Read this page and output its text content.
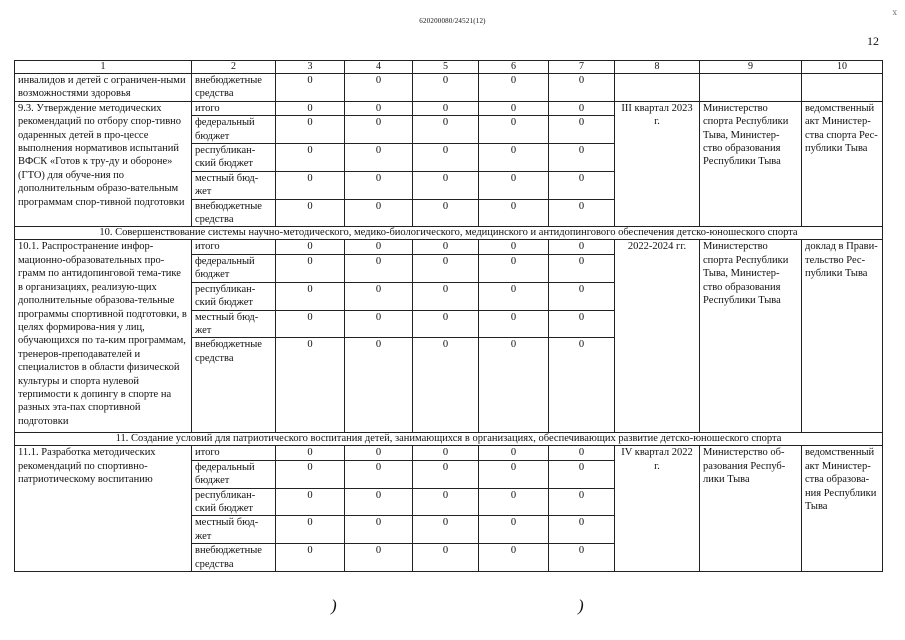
ⅹ
620200080/24521(12)
12
1	2	3	4	5	6	7	8	9	10
инвалидов и детей с ограничен-ными возможностями здоровья	внебюджетные средства	0	0	0	0	0			
9.3. Утверждение методических рекомендаций по отбору спор-тивно одаренных детей в про-цессе выполнения нормативов испытаний ВФСК «Готов к тру-ду и обороне» (ГТО) для обуче-ния по дополнительным образо-вательным программам спор-тивной подготовки	итого	0	0	0	0	0	III квартал 2023 г.	Министерство спорта Республики Тыва, Министер-ство образования Республики Тыва	ведомственный акт Министер-ства спорта Рес-публики Тыва
	федеральный бюджет	0	0	0	0	0			
	республикан-ский бюджет	0	0	0	0	0			
	местный бюд-жет	0	0	0	0	0			
	внебюджетные средства	0	0	0	0	0			
10. Совершенствование системы научно-методического, медико-биологического, медицинского и антидопингового обеспечения детско-юношеского спорта									
10.1. Распространение инфор-мационно-образовательных про-грамм по антидопинговой тема-тике в организациях, реализую-щих дополнительные образова-тельные программы спортивной подготовки, в целях формирова-ния у лиц, обучающихся по та-ким программам, тренеров-преподавателей и специалистов в области физической культуры и спорта нулевой терпимости к допингу в спорте на разных эта-пах спортивной подготовки	итого	0	0	0	0	0	2022-2024 гг.	Министерство спорта Республики Тыва, Министер-ство образования Республики Тыва	доклад в Прави-тельство Рес-публики Тыва
	федеральный бюджет	0	0	0	0	0			
	республикан-ский бюджет	0	0	0	0	0			
	местный бюд-жет	0	0	0	0	0			
	внебюджетные средства	0	0	0	0	0			
11. Создание условий для патриотического воспитания детей, занимающихся в организациях, обеспечивающих развитие детско-юношеского спорта									
11.1. Разработка методических рекомендаций по спортивно-патриотическому воспитанию	итого	0	0	0	0	0	IV квартал 2022 г.	Министерство об-разования Респуб-лики Тыва	ведомственный акт Министер-ства образова-ния Республики Тыва
	федеральный бюджет	0	0	0	0	0			
	республикан-ский бюджет	0	0	0	0	0			
	местный бюд-жет	0	0	0	0	0			
	внебюджетные средства	0	0	0	0	0			
)	)
